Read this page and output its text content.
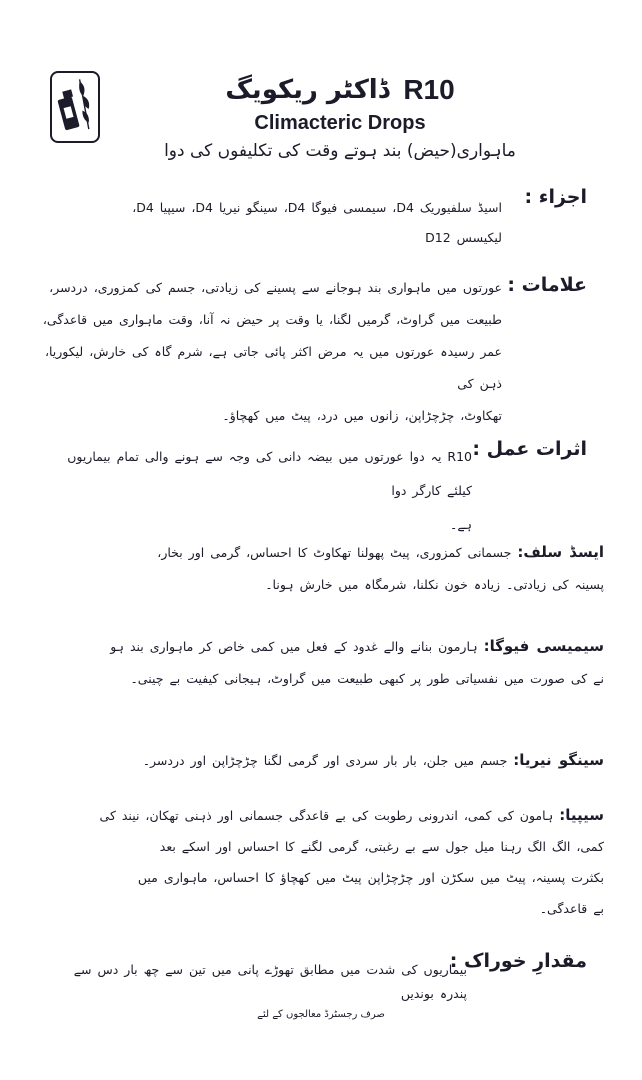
ڈاکٹر ریکویگ R10
Climacteric Drops
ماہواری(حیض) بند ہوتے وقت کی تکلیفوں کی دوا
اجزاء :

اسیڈ سلفیوریک D4، سیمسی فیوگا D4، سینگو نیریا D4، سیپیا D4،

لیکیسس D12

علامات :

عورتوں میں ماہواری بند ہوجانے سے پسینے کی زیادتی، جسم کی کمزوری، دردسر،

طبیعت میں گراوٹ، گرمیں لگنا، یا وقت پر حیض نہ آنا، وقت ماہواری میں قاعدگی،

عمر رسیدہ عورتوں میں یہ مرض اکثر پائی جاتی ہے، شرم گاہ کی خارش، لیکوریا، ذہن کی

تھکاوٹ، چڑچڑاپن، زانوں میں درد، پیٹ میں کھچاؤ۔

اثرات عمل :

R10 یہ دوا عورتوں میں بیضہ دانی کی وجہ سے ہونے والی تمام بیماریوں کیلئے کارگر دوا

ہے۔

ایسڈ سلف: جسمانی کمزوری، پیٹ پھولنا تھکاوٹ کا احساس، گرمی اور بخار،

پسینہ کی زیادتی۔ زیادہ خون نکلنا، شرمگاہ میں خارش ہونا۔

سیمیسی فیوگا: ہارمون بنانے والے غدود کے فعل میں کمی خاص کر ماہواری بند ہو

نے کی صورت میں نفسیاتی طور پر کبھی طبیعت میں گراوٹ، ہیجانی کیفیت بے چینی۔

سینگو نیریا: جسم میں جلن، بار بار سردی اور گرمی لگنا چڑچڑاپن اور دردسر۔

سیپیا: ہامون کی کمی، اندرونی رطوبت کی بے قاعدگی جسمانی اور ذہنی تھکان، نیند کی

کمی، الگ الگ رہنا میل جول سے بے رغبتی، گرمی لگنے کا احساس اور اسکے بعد

بکثرت پسینہ، پیٹ میں سکڑن اور چڑچڑاپن پیٹ میں کھچاؤ کا احساس، ماہواری میں

بے قاعدگی۔

مقدارِ خوراک :
بیماریوں کی شدت میں مطابق تھوڑے پانی میں تین سے چھ بار دس سے پندرہ بوندیں
صرف رجسٹرڈ معالجوں کے لئے
